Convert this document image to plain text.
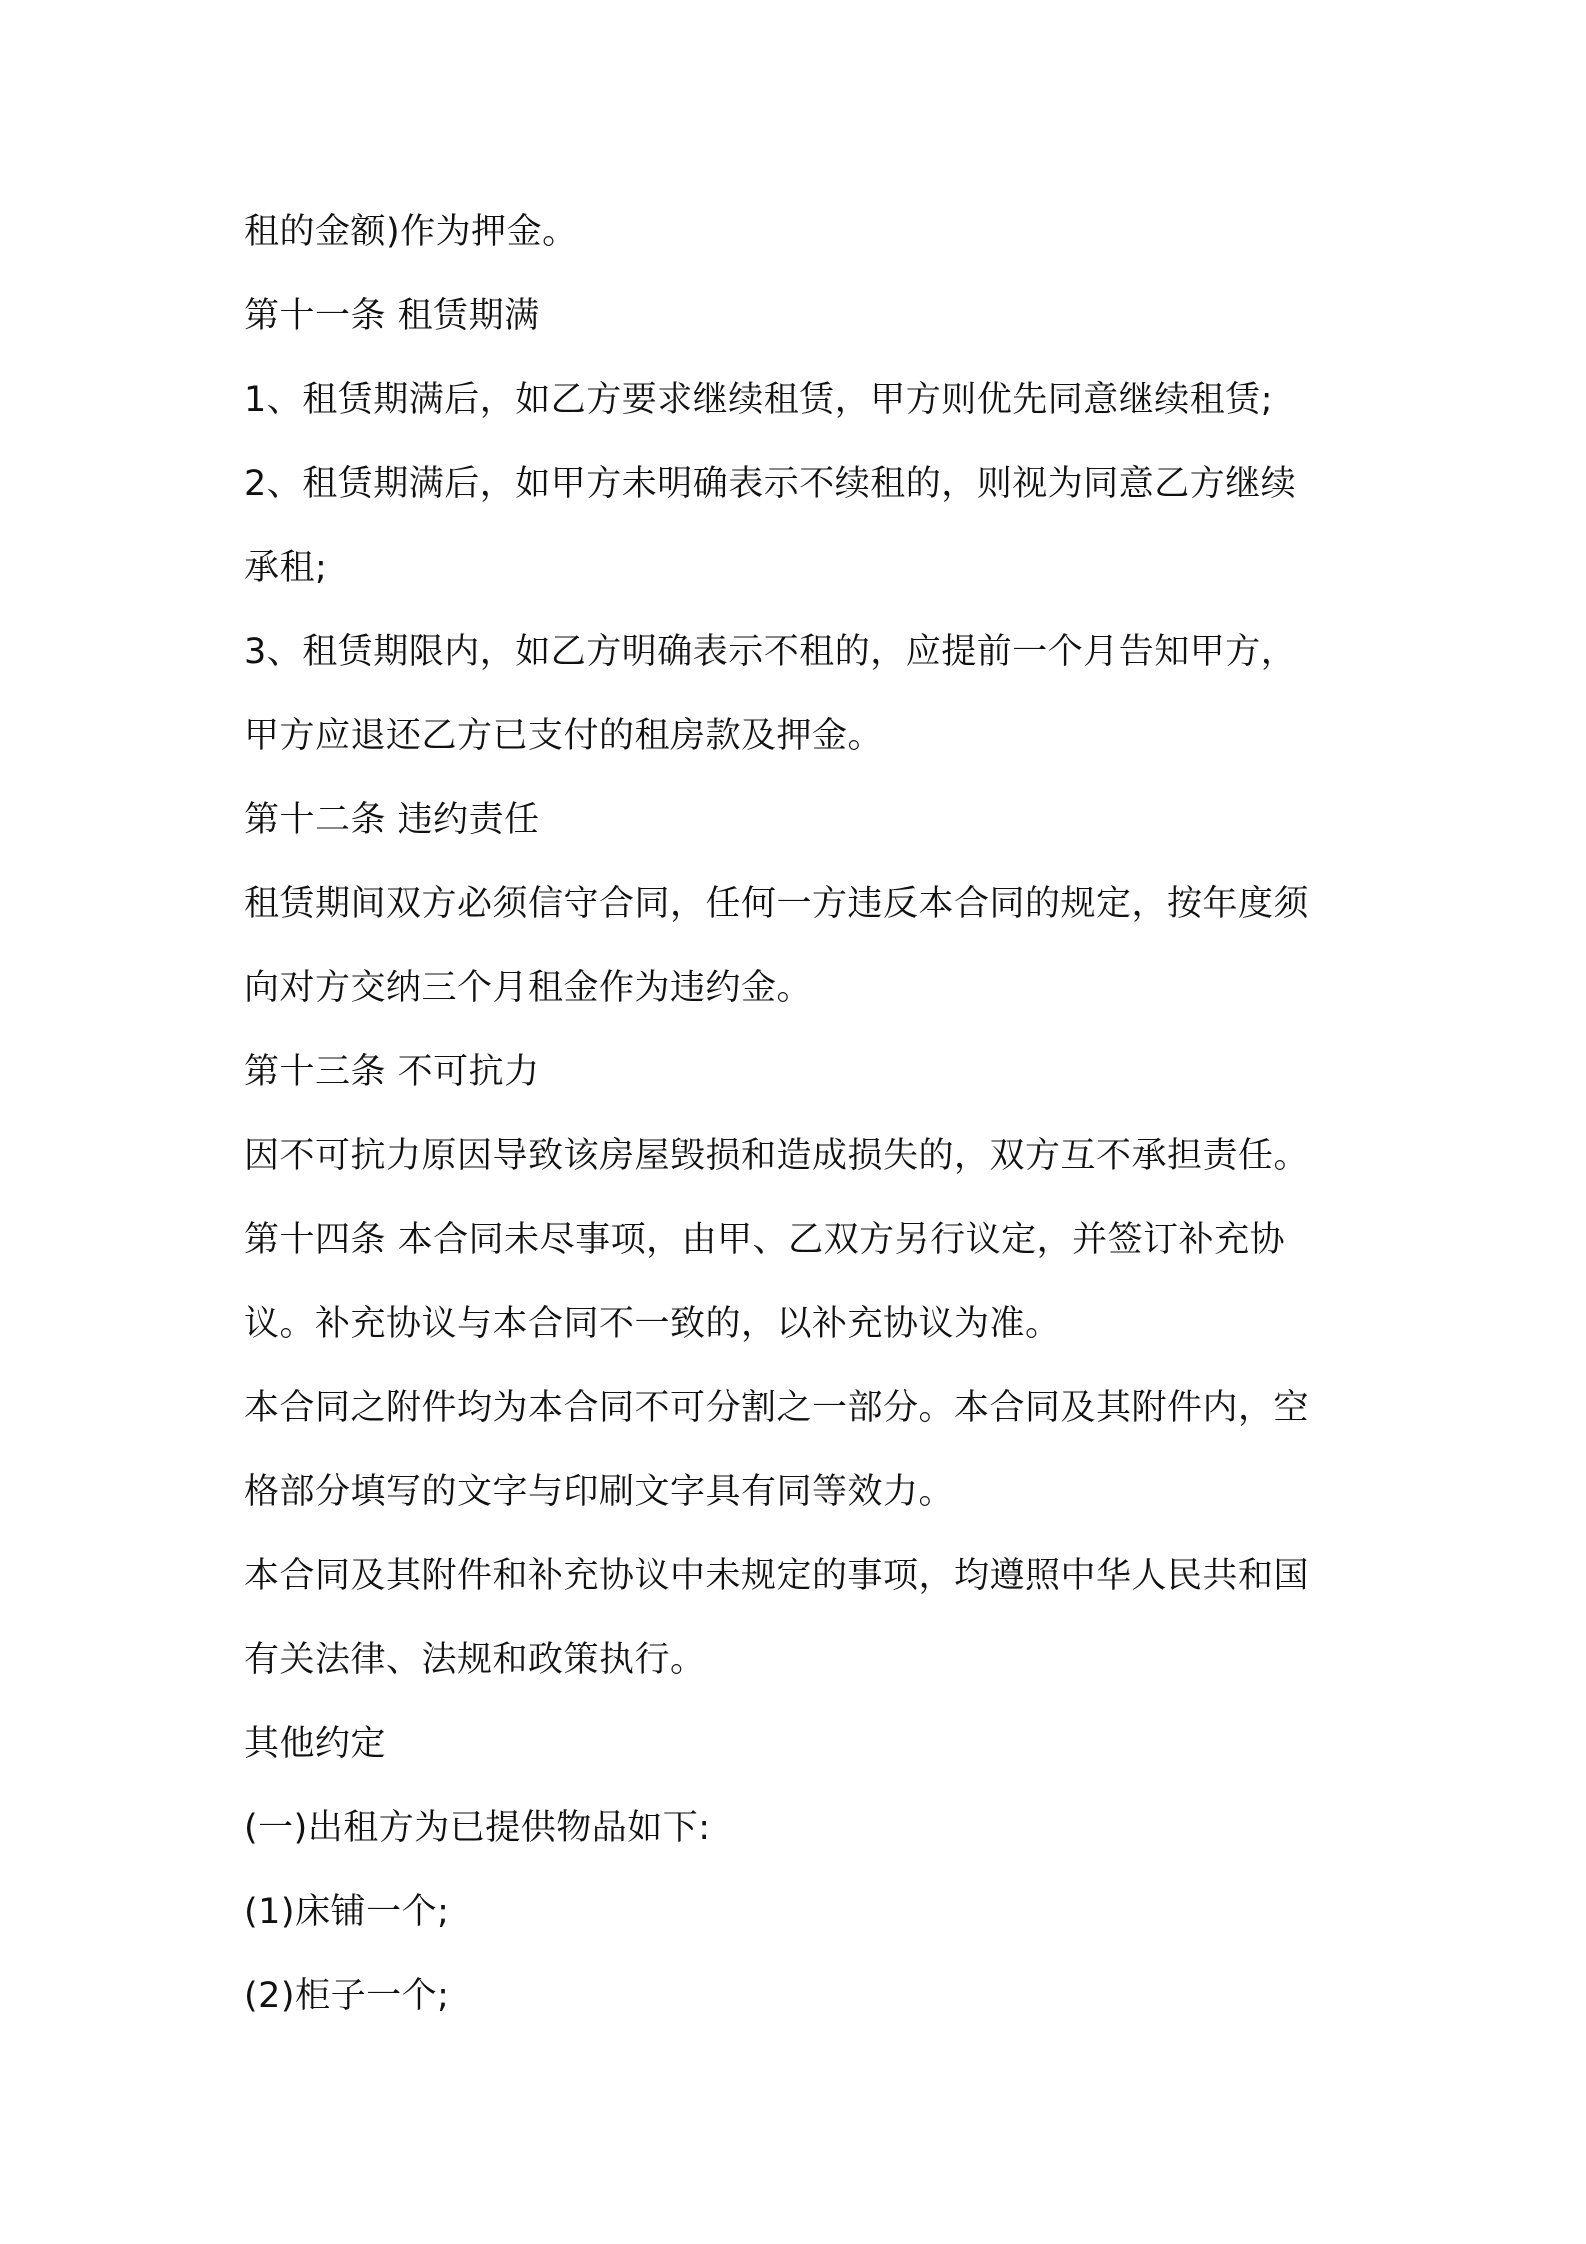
租的金额)作为押金。
第十一条 租赁期满
1、租赁期满后，如乙方要求继续租赁，甲方则优先同意继续租赁;
2、租赁期满后，如甲方未明确表示不续租的，则视为同意乙方继续
承租;
3、租赁期限内，如乙方明确表示不租的，应提前一个月告知甲方，
甲方应退还乙方已支付的租房款及押金。
第十二条 违约责任
租赁期间双方必须信守合同，任何一方违反本合同的规定，按年度须
向对方交纳三个月租金作为违约金。
第十三条 不可抗力
因不可抗力原因导致该房屋毁损和造成损失的，双方互不承担责任。
第十四条 本合同未尽事项，由甲、乙双方另行议定，并签订补充协
议。补充协议与本合同不一致的，以补充协议为准。
本合同之附件均为本合同不可分割之一部分。本合同及其附件内，空
格部分填写的文字与印刷文字具有同等效力。
本合同及其附件和补充协议中未规定的事项，均遵照中华人民共和国
有关法律、法规和政策执行。
其他约定
(一)出租方为已提供物品如下:
(1)床铺一个;
(2)柜子一个;
